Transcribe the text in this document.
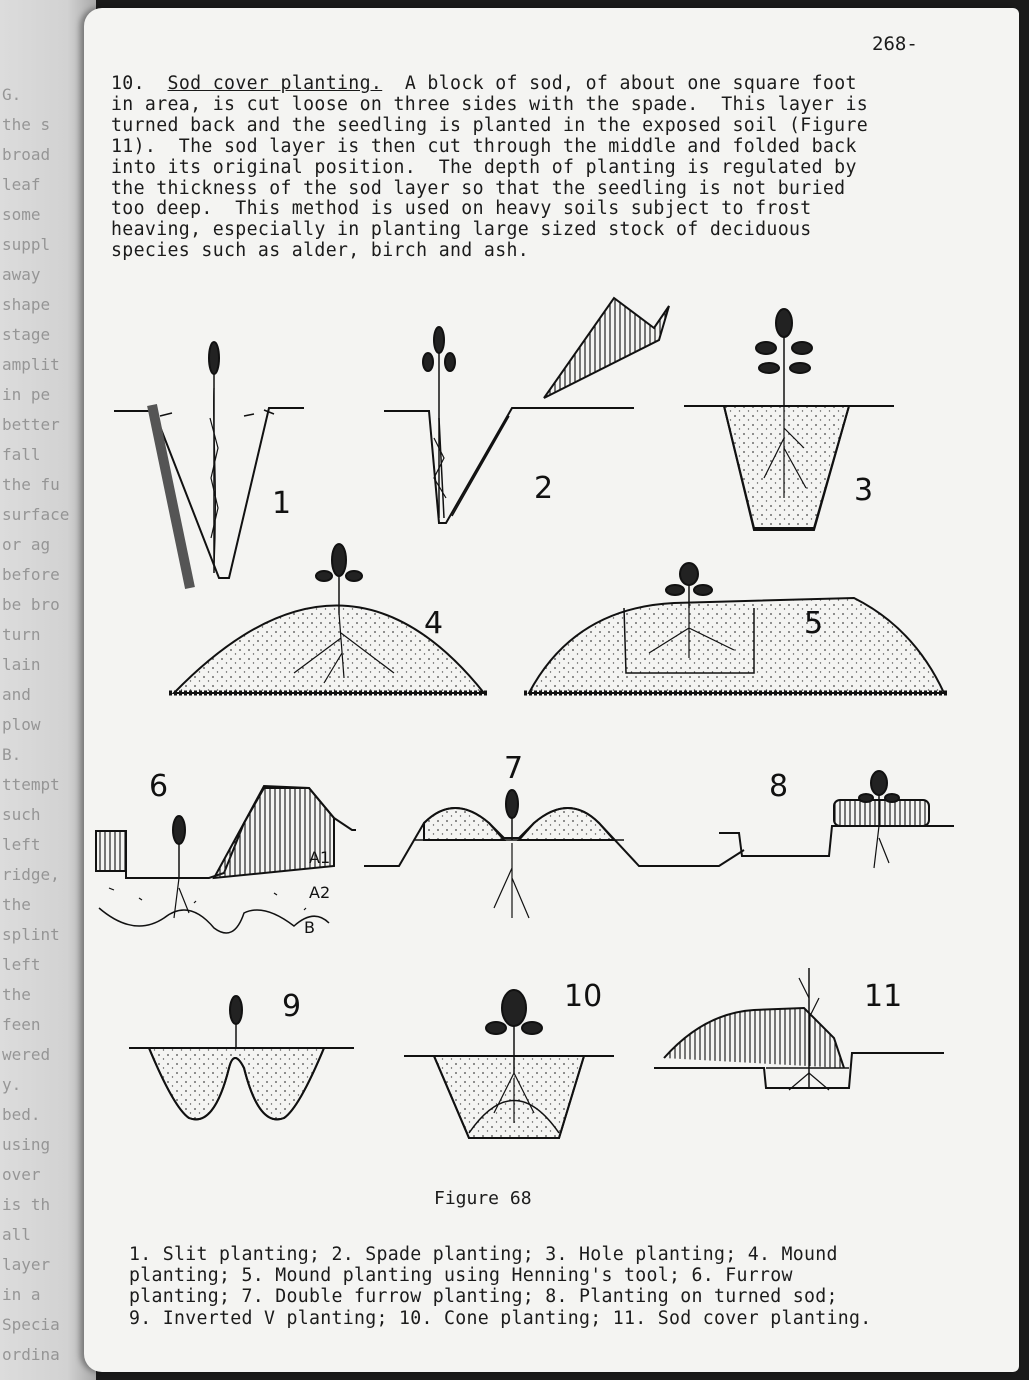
G.
the s
broad
leaf
some
suppl
away
shape
stage
amplit
in pe
better
fall
the fu
surface
or ag
before
be bro
turn
lain
and
plow
B.
ttempt
such
left
ridge,
the
splint
left
the
feen
wered
y.
bed.
using
over
is th
all
layer
in a
Specia
ordina
268-
10. Sod cover planting. A block of sod, of about one square foot
in area, is cut loose on three sides with the spade.  This layer is
turned back and the seedling is planted in the exposed soil (Figure
11).  The sod layer is then cut through the middle and folded back
into its original position.  The depth of planting is regulated by
the thickness of the sod layer so that the seedling is not buried
too deep.  This method is used on heavy soils subject to frost
heaving, especially in planting large sized stock of deciduous
species such as alder, birch and ash.
1	2	3
4	5
6
7
8
9	10	11
A1
A2
B
Figure 68
1. Slit planting; 2. Spade planting; 3. Hole planting; 4. Mound
planting; 5. Mound planting using Henning's tool; 6. Furrow
planting; 7. Double furrow planting; 8. Planting on turned sod;
9. Inverted V planting; 10. Cone planting; 11. Sod cover planting.
